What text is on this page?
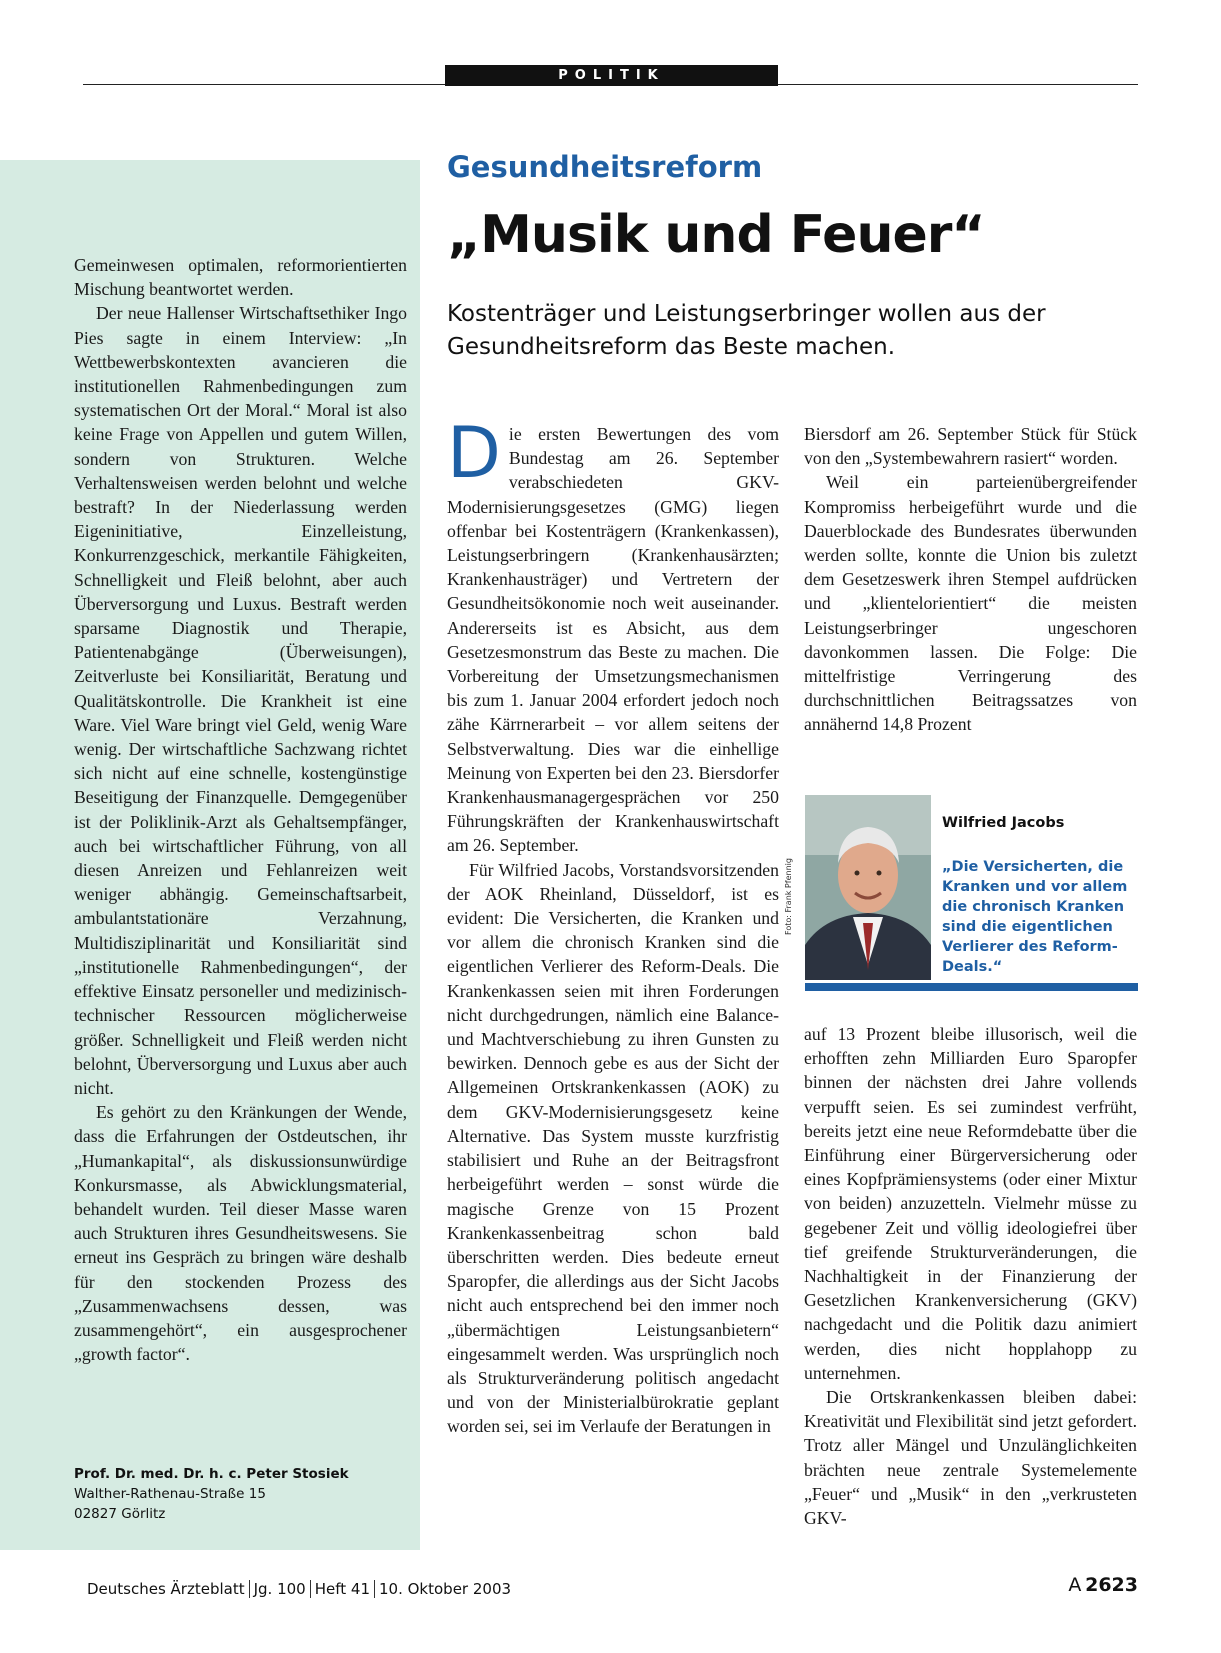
POLITIK

Gemeinwesen optimalen, reformorientierten Mischung beantwortet werden.

Der neue Hallenser Wirtschaftsethiker Ingo Pies sagte in einem Interview: „In Wettbewerbskontexten avancieren die institutionellen Rahmenbedingungen zum systematischen Ort der Moral.“ Moral ist also keine Frage von Appellen und gutem Willen, sondern von Strukturen. Welche Verhaltensweisen werden belohnt und welche bestraft? In der Niederlassung werden Eigeninitiative, Einzelleistung, Konkurrenzgeschick, merkantile Fähigkeiten, Schnelligkeit und Fleiß belohnt, aber auch Überversorgung und Luxus. Bestraft werden sparsame Diagnostik und Therapie, Patientenabgänge (Überweisungen), Zeitverluste bei Konsiliarität, Beratung und Qualitätskontrolle. Die Krankheit ist eine Ware. Viel Ware bringt viel Geld, wenig Ware wenig. Der wirtschaftliche Sachzwang richtet sich nicht auf eine schnelle, kostengünstige Beseitigung der Finanzquelle. Demgegenüber ist der Poliklinik-Arzt als Gehaltsempfänger, auch bei wirtschaftlicher Führung, von all diesen Anreizen und Fehlanreizen weit weniger abhängig. Gemeinschaftsarbeit, ambulantstationäre Verzahnung, Multidisziplinarität und Konsiliarität sind „institutionelle Rahmenbedingungen“, der effektive Einsatz personeller und medizinisch-technischer Ressourcen möglicherweise größer. Schnelligkeit und Fleiß werden nicht belohnt, Überversorgung und Luxus aber auch nicht.

Es gehört zu den Kränkungen der Wende, dass die Erfahrungen der Ostdeutschen, ihr „Humankapital“, als diskussionsunwürdige Konkursmasse, als Abwicklungsmaterial, behandelt wurden. Teil dieser Masse waren auch Strukturen ihres Gesundheitswesens. Sie erneut ins Gespräch zu bringen wäre deshalb für den stockenden Prozess des „Zusammenwachsens dessen, was zusammengehört“, ein ausgesprochener „growth factor“.

Prof. Dr. med. Dr. h. c. Peter Stosiek
Walther-Rathenau-Straße 15
02827 Görlitz
Gesundheitsreform
„Musik und Feuer“
Kostenträger und Leistungserbringer wollen aus der Gesundheitsreform das Beste machen.

Die ersten Bewertungen des vom Bundestag am 26. September verabschiedeten GKV-Modernisierungsgesetzes (GMG) liegen offenbar bei Kostenträgern (Krankenkassen), Leistungserbringern (Krankenhausärzten; Krankenhausträger) und Vertretern der Gesundheitsökonomie noch weit auseinander. Andererseits ist es Absicht, aus dem Gesetzesmonstrum das Beste zu machen. Die Vorbereitung der Umsetzungsmechanismen bis zum 1. Januar 2004 erfordert jedoch noch zähe Kärrnerarbeit – vor allem seitens der Selbstverwaltung. Dies war die einhellige Meinung von Experten bei den 23. Biersdorfer Krankenhausmanagergesprächen vor 250 Führungskräften der Krankenhauswirtschaft am 26. September.

Für Wilfried Jacobs, Vorstandsvorsitzenden der AOK Rheinland, Düsseldorf, ist es evident: Die Versicherten, die Kranken und vor allem die chronisch Kranken sind die eigentlichen Verlierer des Reform-Deals. Die Krankenkassen seien mit ihren Forderungen nicht durchgedrungen, nämlich eine Balance- und Machtverschiebung zu ihren Gunsten zu bewirken. Dennoch gebe es aus der Sicht der Allgemeinen Ortskrankenkassen (AOK) zu dem GKV-Modernisierungsgesetz keine Alternative. Das System musste kurzfristig stabilisiert und Ruhe an der Beitragsfront herbeigeführt werden – sonst würde die magische Grenze von 15 Prozent Krankenkassenbeitrag schon bald überschritten werden. Dies bedeute erneut Sparopfer, die allerdings aus der Sicht Jacobs nicht auch entsprechend bei den immer noch „übermächtigen Leistungsanbietern“ eingesammelt werden. Was ursprünglich noch als Strukturveränderung politisch angedacht und von der Ministerialbürokratie geplant worden sei, sei im Verlaufe der Beratungen in

Biersdorf am 26. September Stück für Stück von den „Systembewahrern rasiert“ worden.

Weil ein parteienübergreifender Kompromiss herbeigeführt wurde und die Dauerblockade des Bundesrates überwunden werden sollte, konnte die Union bis zuletzt dem Gesetzeswerk ihren Stempel aufdrücken und „klientelorientiert“ die meisten Leistungserbringer ungeschoren davonkommen lassen. Die Folge: Die mittelfristige Verringerung des durchschnittlichen Beitragssatzes von annähernd 14,8 Prozent

Foto: Frank Pfennig
Wilfried Jacobs
„Die Versicherten, die Kranken und vor allem die chronisch Kranken sind die eigentlichen Verlierer des Reform-Deals.“

auf 13 Prozent bleibe illusorisch, weil die erhofften zehn Milliarden Euro Sparopfer binnen der nächsten drei Jahre vollends verpufft seien. Es sei zumindest verfrüht, bereits jetzt eine neue Reformdebatte über die Einführung einer Bürgerversicherung oder eines Kopfprämiensystems (oder einer Mixtur von beiden) anzuzetteln. Vielmehr müsse zu gegebener Zeit und völlig ideologiefrei über tief greifende Strukturveränderungen, die Nachhaltigkeit in der Finanzierung der Gesetzlichen Krankenversicherung (GKV) nachgedacht und die Politik dazu animiert werden, dies nicht hopplahopp zu unternehmen.

Die Ortskrankenkassen bleiben dabei: Kreativität und Flexibilität sind jetzt gefordert. Trotz aller Mängel und Unzulänglichkeiten brächten neue zentrale Systemelemente „Feuer“ und „Musik“ in den „verkrusteten GKV-

Deutsches Ärzteblatt Jg. 100 Heft 41 10. Oktober 2003	A  2623
